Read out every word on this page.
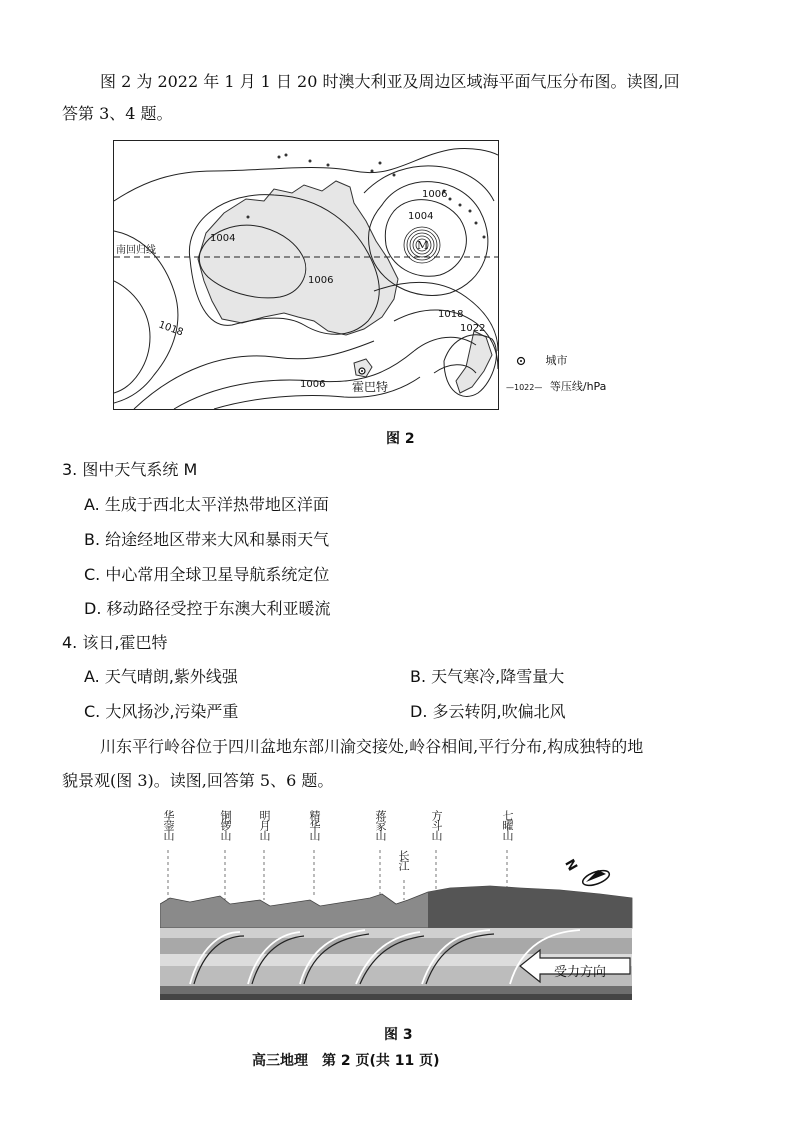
图 2 为 2022 年 1 月 1 日 20 时澳大利亚及周边区域海平面气压分布图。读图,回
答第 3、4 题。
南回归线	M
1004
1006
1018
1006
1006
1004
1018
1022
霍巴特
城市
—1022— 等压线/hPa
图 2
3. 图中天气系统 M
A. 生成于西北太平洋热带地区洋面
B. 给途经地区带来大风和暴雨天气
C. 中心常用全球卫星导航系统定位
D. 移动路径受控于东澳大利亚暖流
4. 该日,霍巴特
A. 天气晴朗,紫外线强	B. 天气寒冷,降雪量大
C. 大风扬沙,污染严重	D. 多云转阴,吹偏北风
川东平行岭谷位于四川盆地东部川渝交接处,岭谷相间,平行分布,构成独特的地
貌景观(图 3)。读图,回答第 5、6 题。
华蓥山	铜锣山 明月山	精华山	蒋家山	方斗山	七曜山
长江	N
受力方向
图 3
高三地理　第 2 页(共 11 页)
